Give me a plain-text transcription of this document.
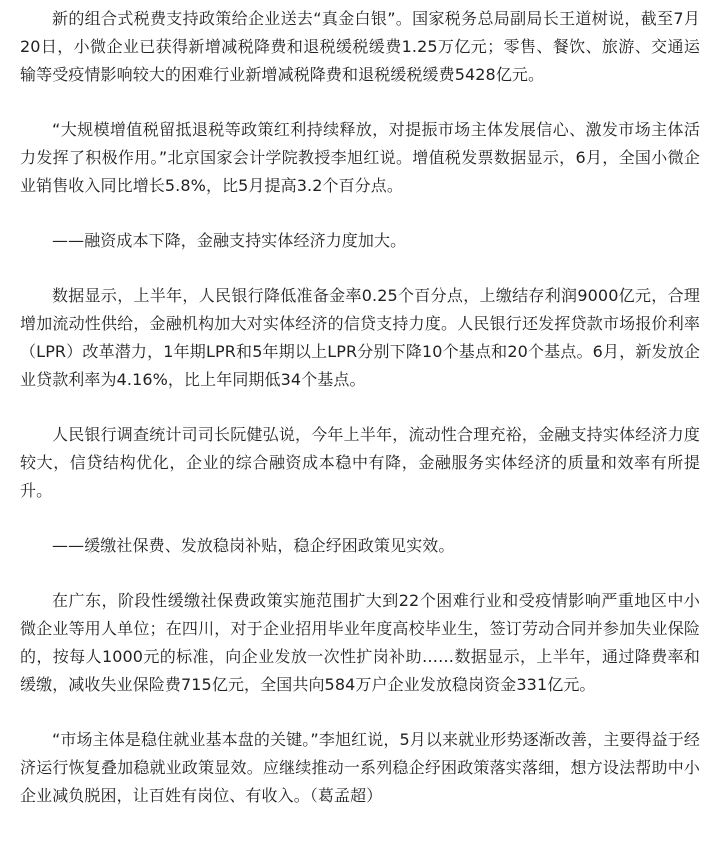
新的组合式税费支持政策给企业送去“真金白银”。国家税务总局副局长王道树说，截至7月20日，小微企业已获得新增减税降费和退税缓税缓费1.25万亿元；零售、餐饮、旅游、交通运输等受疫情影响较大的困难行业新增减税降费和退税缓税缓费5428亿元。

“大规模增值税留抵退税等政策红利持续释放，对提振市场主体发展信心、激发市场主体活力发挥了积极作用。”北京国家会计学院教授李旭红说。增值税发票数据显示，6月，全国小微企业销售收入同比增长5.8%，比5月提高3.2个百分点。

——融资成本下降，金融支持实体经济力度加大。

数据显示，上半年，人民银行降低准备金率0.25个百分点，上缴结存利润9000亿元，合理增加流动性供给，金融机构加大对实体经济的信贷支持力度。人民银行还发挥贷款市场报价利率（LPR）改革潜力，1年期LPR和5年期以上LPR分别下降10个基点和20个基点。6月，新发放企业贷款利率为4.16%，比上年同期低34个基点。

人民银行调查统计司司长阮健弘说，今年上半年，流动性合理充裕，金融支持实体经济力度较大，信贷结构优化，企业的综合融资成本稳中有降，金融服务实体经济的质量和效率有所提升。

——缓缴社保费、发放稳岗补贴，稳企纾困政策见实效。

在广东，阶段性缓缴社保费政策实施范围扩大到22个困难行业和受疫情影响严重地区中小微企业等用人单位；在四川，对于企业招用毕业年度高校毕业生，签订劳动合同并参加失业保险的，按每人1000元的标准，向企业发放一次性扩岗补助……数据显示，上半年，通过降费率和缓缴，减收失业保险费715亿元，全国共向584万户企业发放稳岗资金331亿元。

“市场主体是稳住就业基本盘的关键。”李旭红说，5月以来就业形势逐渐改善，主要得益于经济运行恢复叠加稳就业政策显效。应继续推动一系列稳企纾困政策落实落细，想方设法帮助中小企业减负脱困，让百姓有岗位、有收入。（葛孟超）
